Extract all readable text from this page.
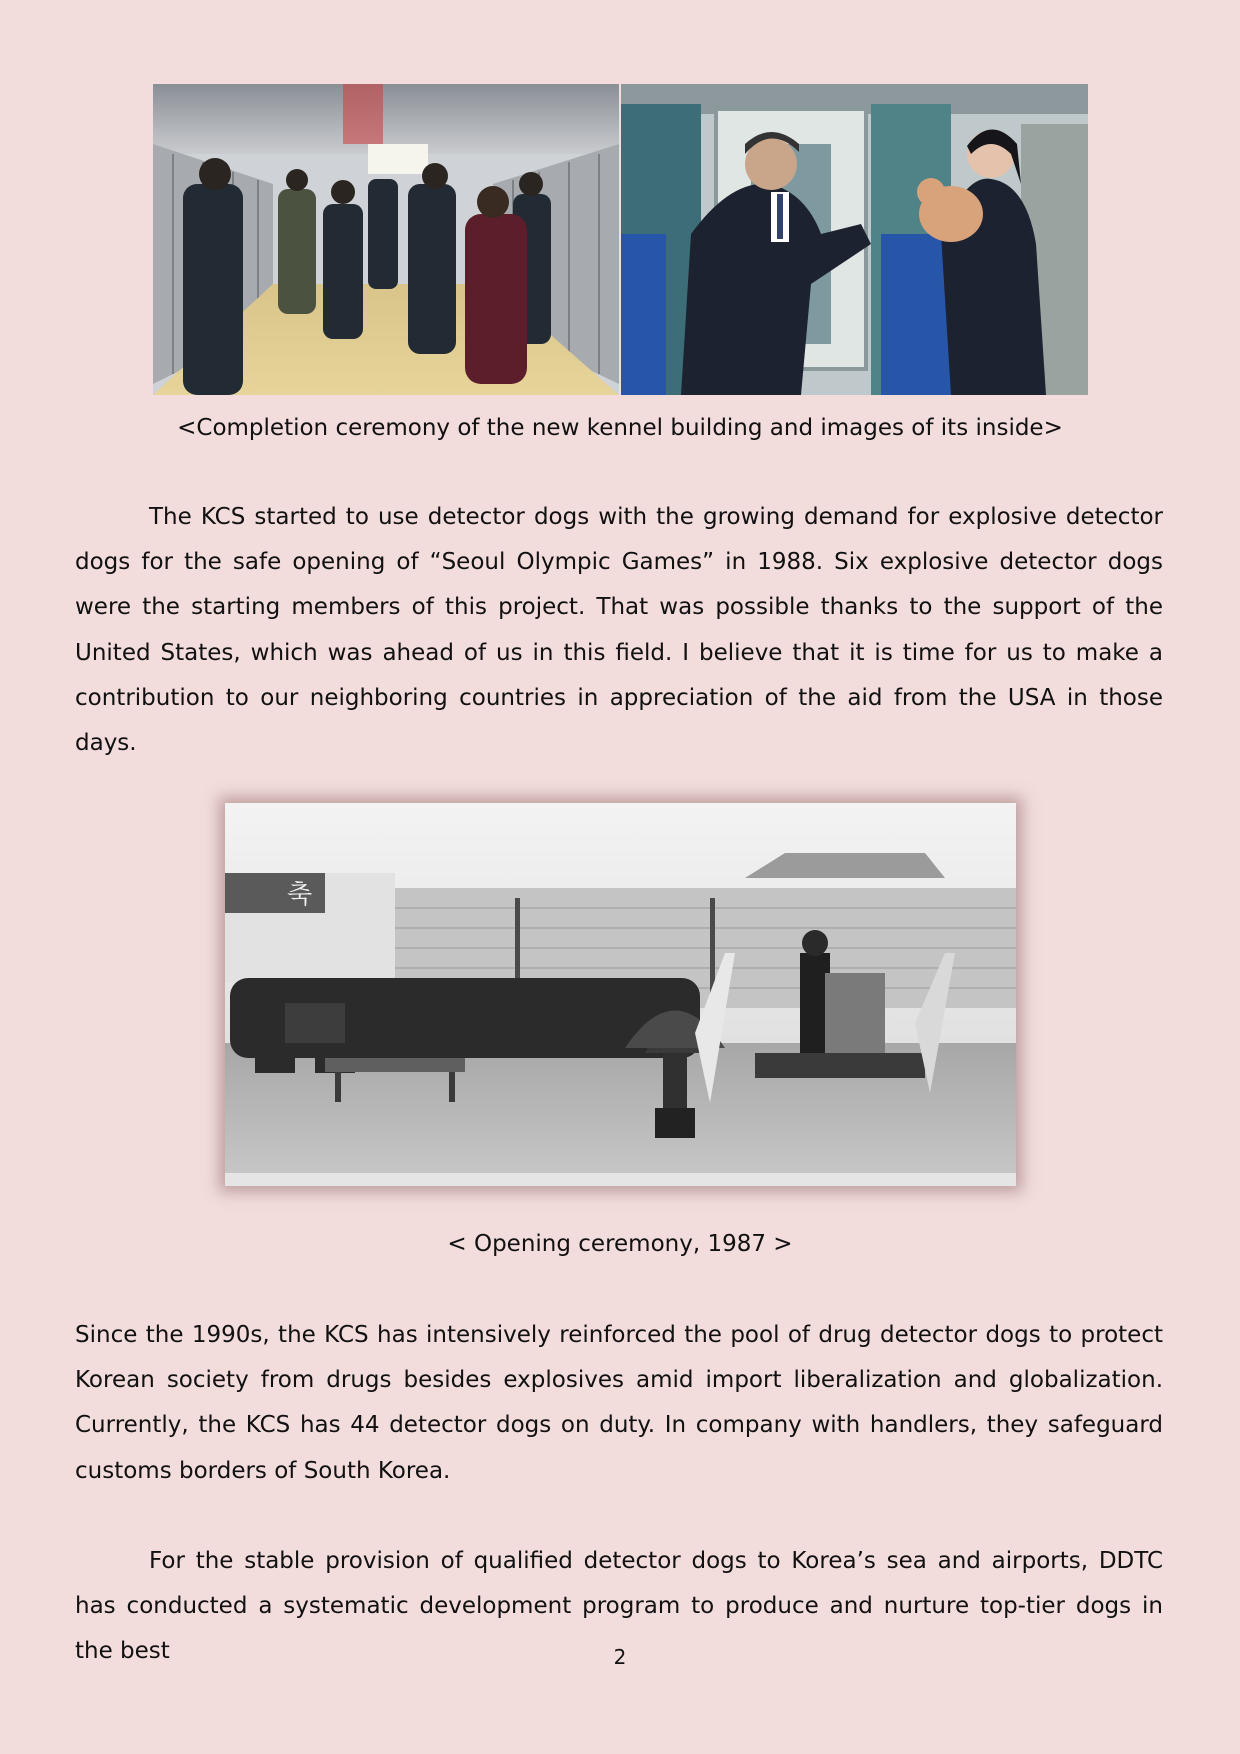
<Completion ceremony of the new kennel building and images of its inside>

The KCS started to use detector dogs with the growing demand for explosive detector dogs for the safe opening of “Seoul Olympic Games” in 1988. Six explosive detector dogs were the starting members of this project. That was possible thanks to the support of the United States, which was ahead of us in this field. I believe that it is time for us to make a contribution to our neighboring countries in appreciation of the aid from the USA in those days.

축
< Opening ceremony, 1987 >

Since the 1990s, the KCS has intensively reinforced the pool of drug detector dogs to protect Korean society from drugs besides explosives amid import liberalization and globalization. Currently, the KCS has 44 detector dogs on duty. In company with handlers, they safeguard customs borders of South Korea.

For the stable provision of qualified detector dogs to Korea’s sea and airports, DDTC has conducted a systematic development program to produce and nurture top-tier dogs in the best	2
